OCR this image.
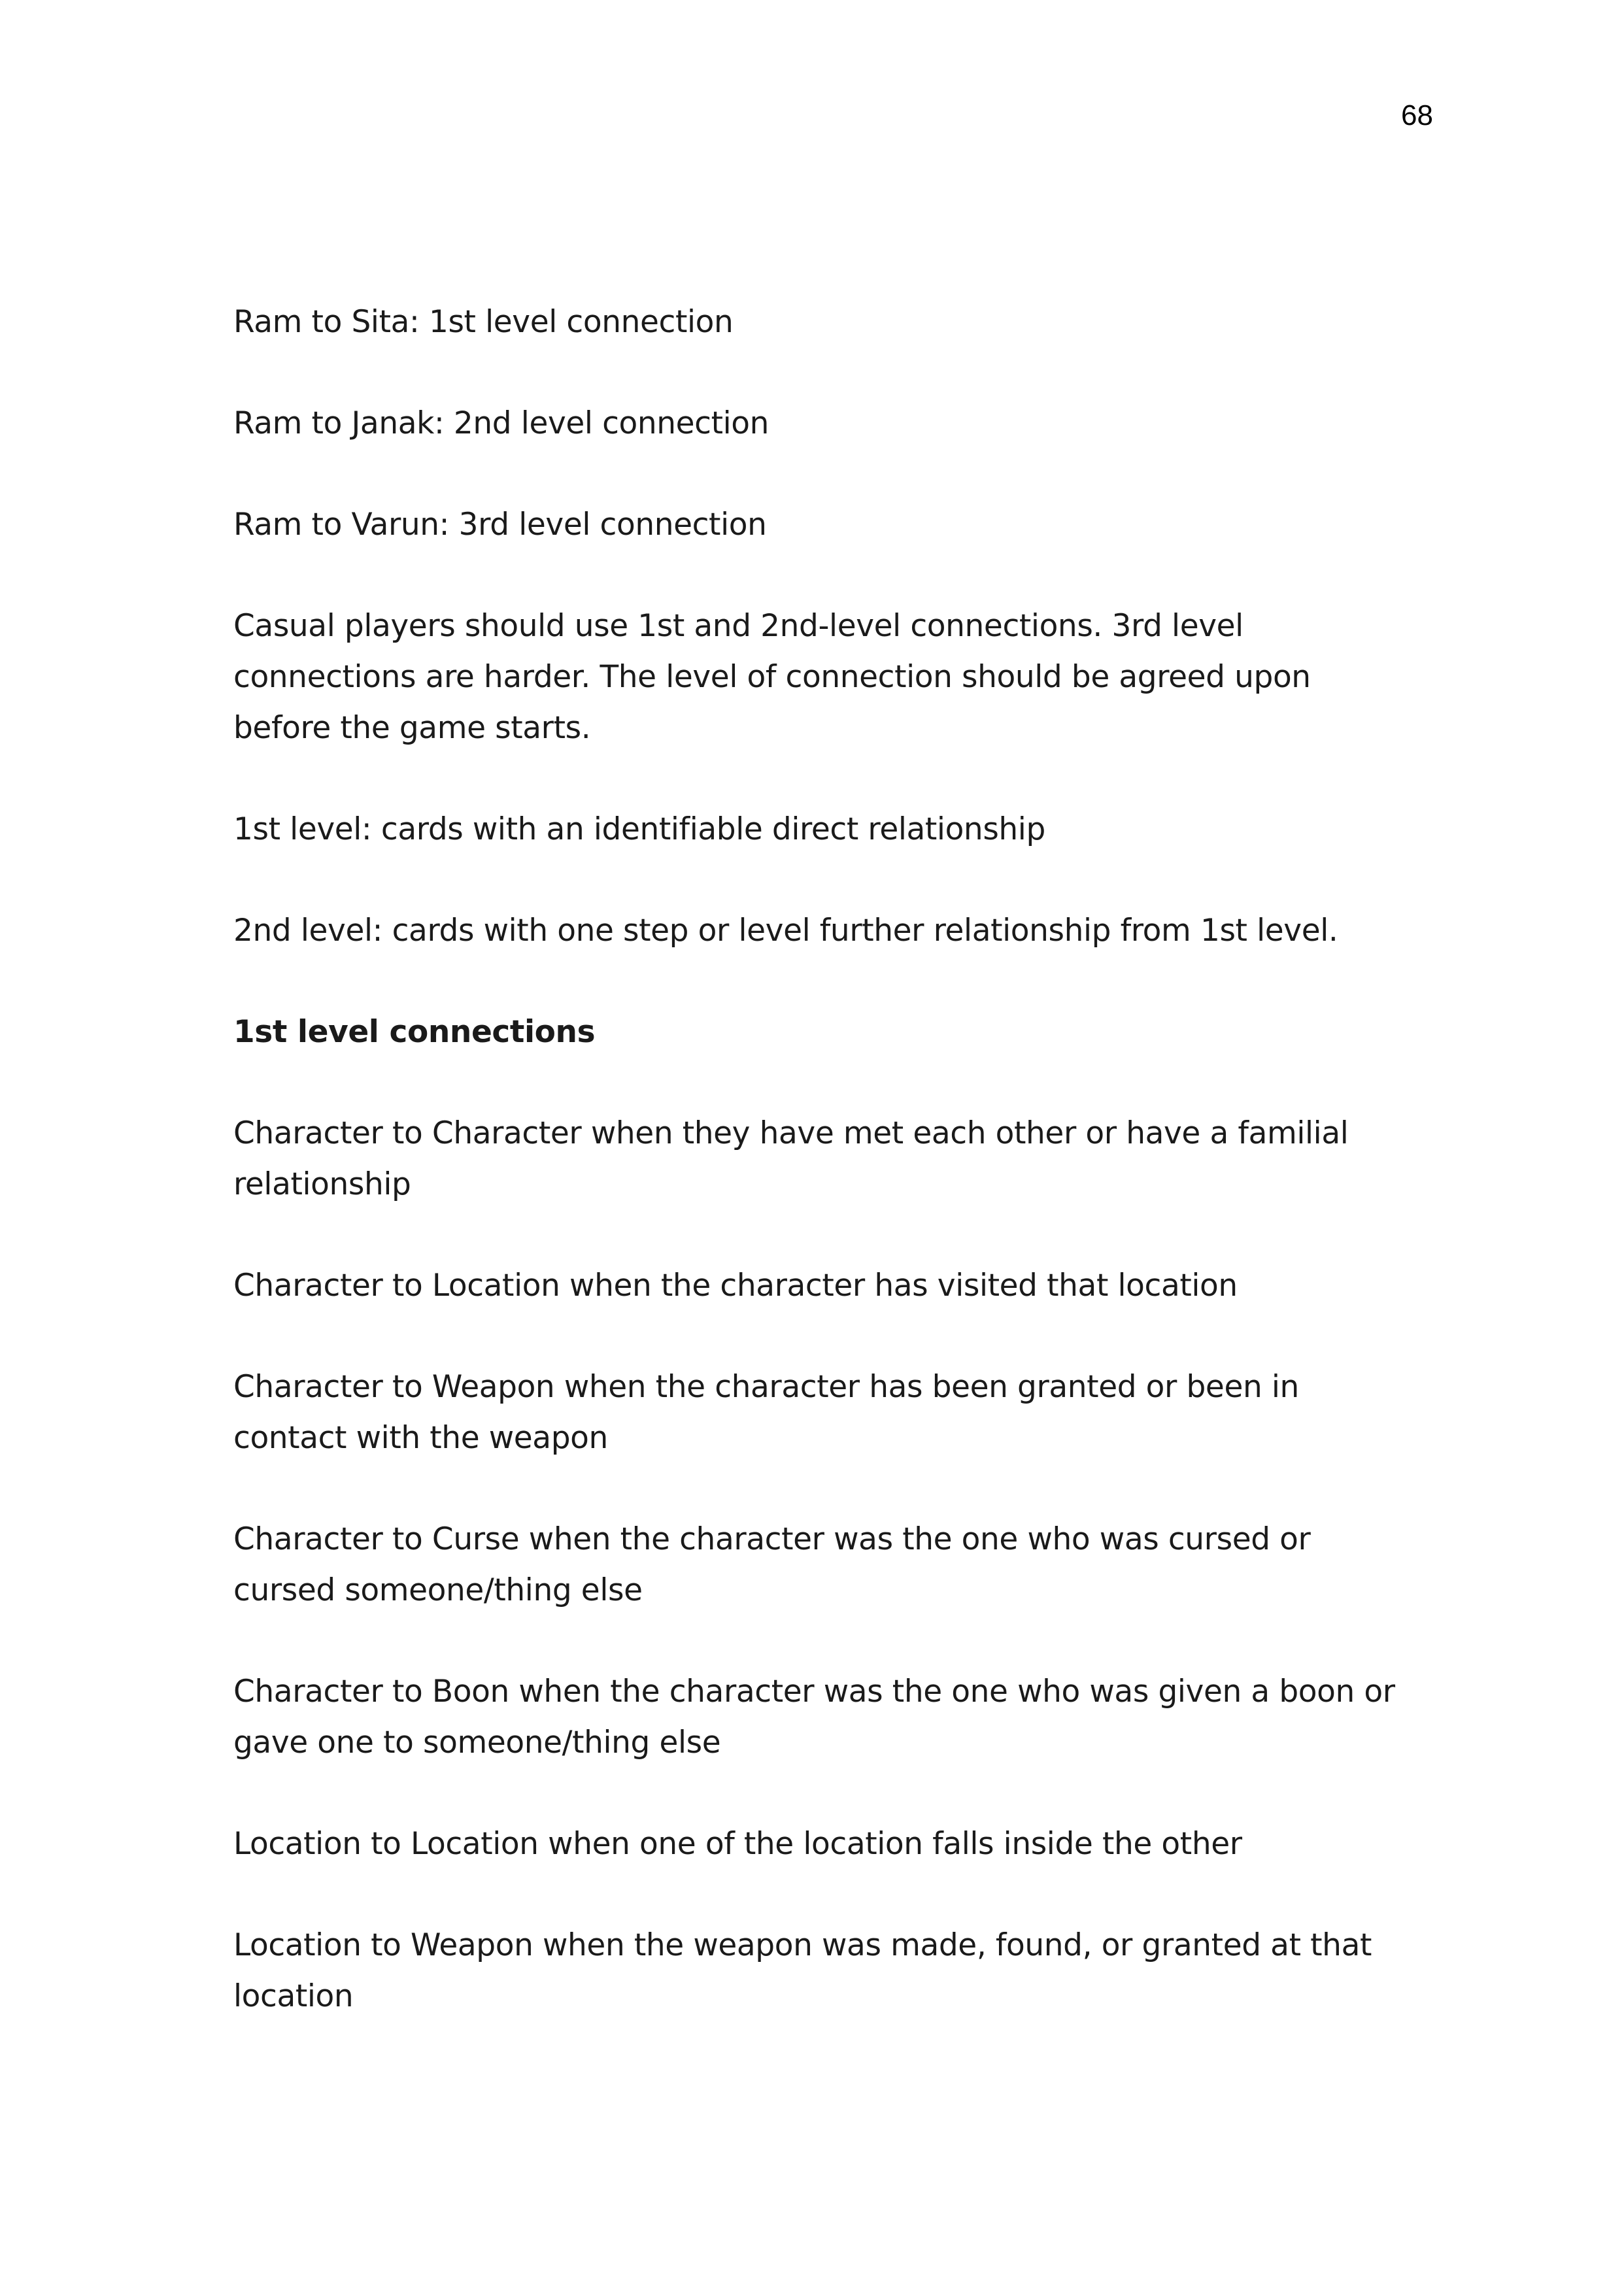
68

Ram to Sita: 1st level connection

Ram to Janak: 2nd level connection

Ram to Varun: 3rd level connection

Casual players should use 1st and 2nd-level connections. 3rd level connections are harder. The level of connection should be agreed upon before the game starts.

1st level: cards with an identifiable direct relationship

2nd level: cards with one step or level further relationship from 1st level.

1st level connections

Character to Character when they have met each other or have a familial relationship

Character to Location when the character has visited that location

Character to Weapon when the character has been granted or been in contact with the weapon

Character to Curse when the character was the one who was cursed or cursed someone/thing else

Character to Boon when the character was the one who was given a boon or gave one to someone/thing else

Location to Location when one of the location falls inside the other

Location to Weapon when the weapon was made, found, or granted at that location
